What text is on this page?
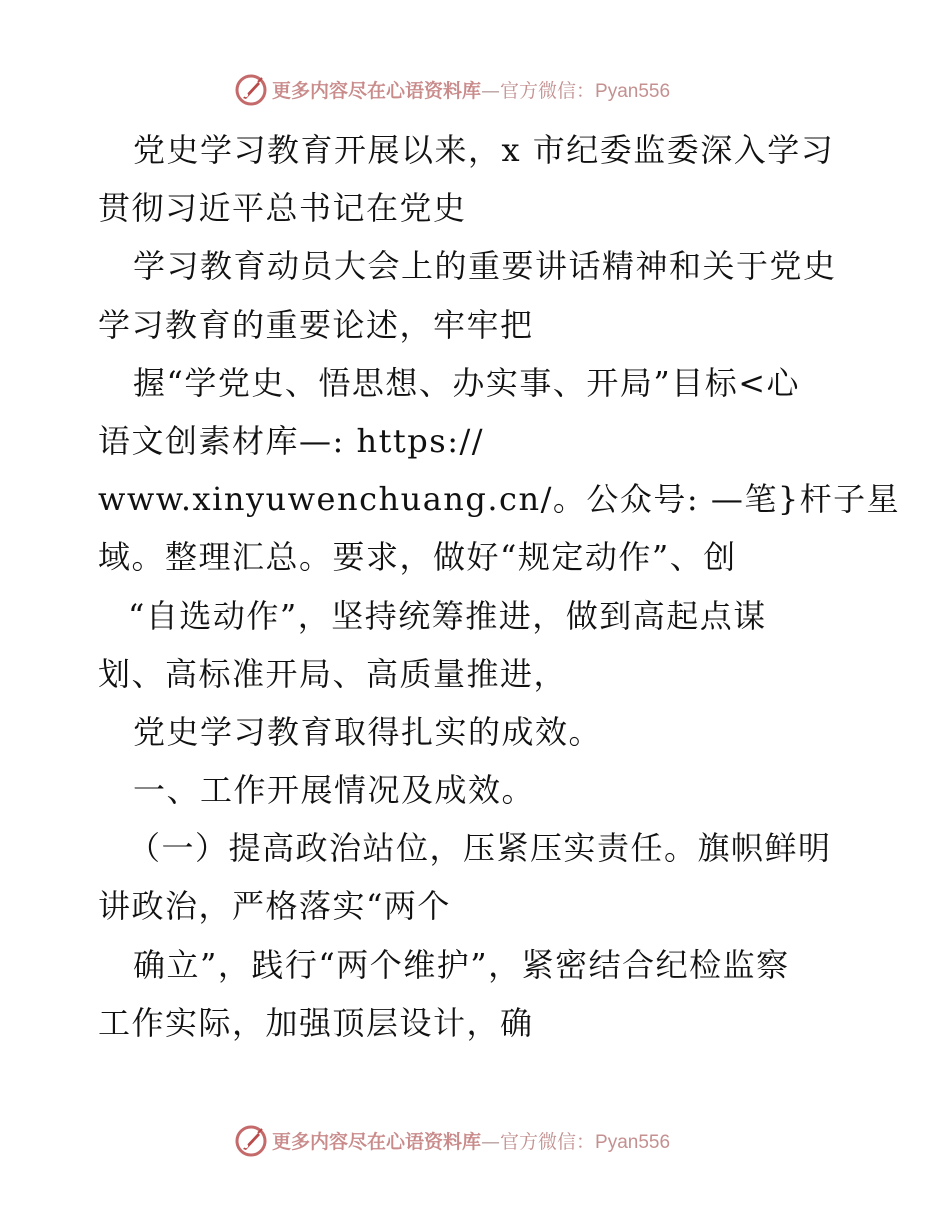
更多内容尽在心语资料库—官方微信：Pyan556
党史学习教育开展以来，x 市纪委监委深入学习
贯彻习近平总书记在党史
学习教育动员大会上的重要讲话精神和关于党史
学习教育的重要论述，牢牢把
握“学党史、悟思想、办实事、开局”目标<心
语文创素材库—: https://
www.xinyuwenchuang.cn/。公众号: —笔}杆子星
域。整理汇总。要求，做好“规定动作”、创
“自选动作”，坚持统筹推进，做到高起点谋
划、高标准开局、高质量推进，
党史学习教育取得扎实的成效。
一、工作开展情况及成效。
（一）提高政治站位，压紧压实责任。旗帜鲜明
讲政治，严格落实“两个
确立”，践行“两个维护”，紧密结合纪检监察
工作实际，加强顶层设计，确
更多内容尽在心语资料库—官方微信：Pyan556
